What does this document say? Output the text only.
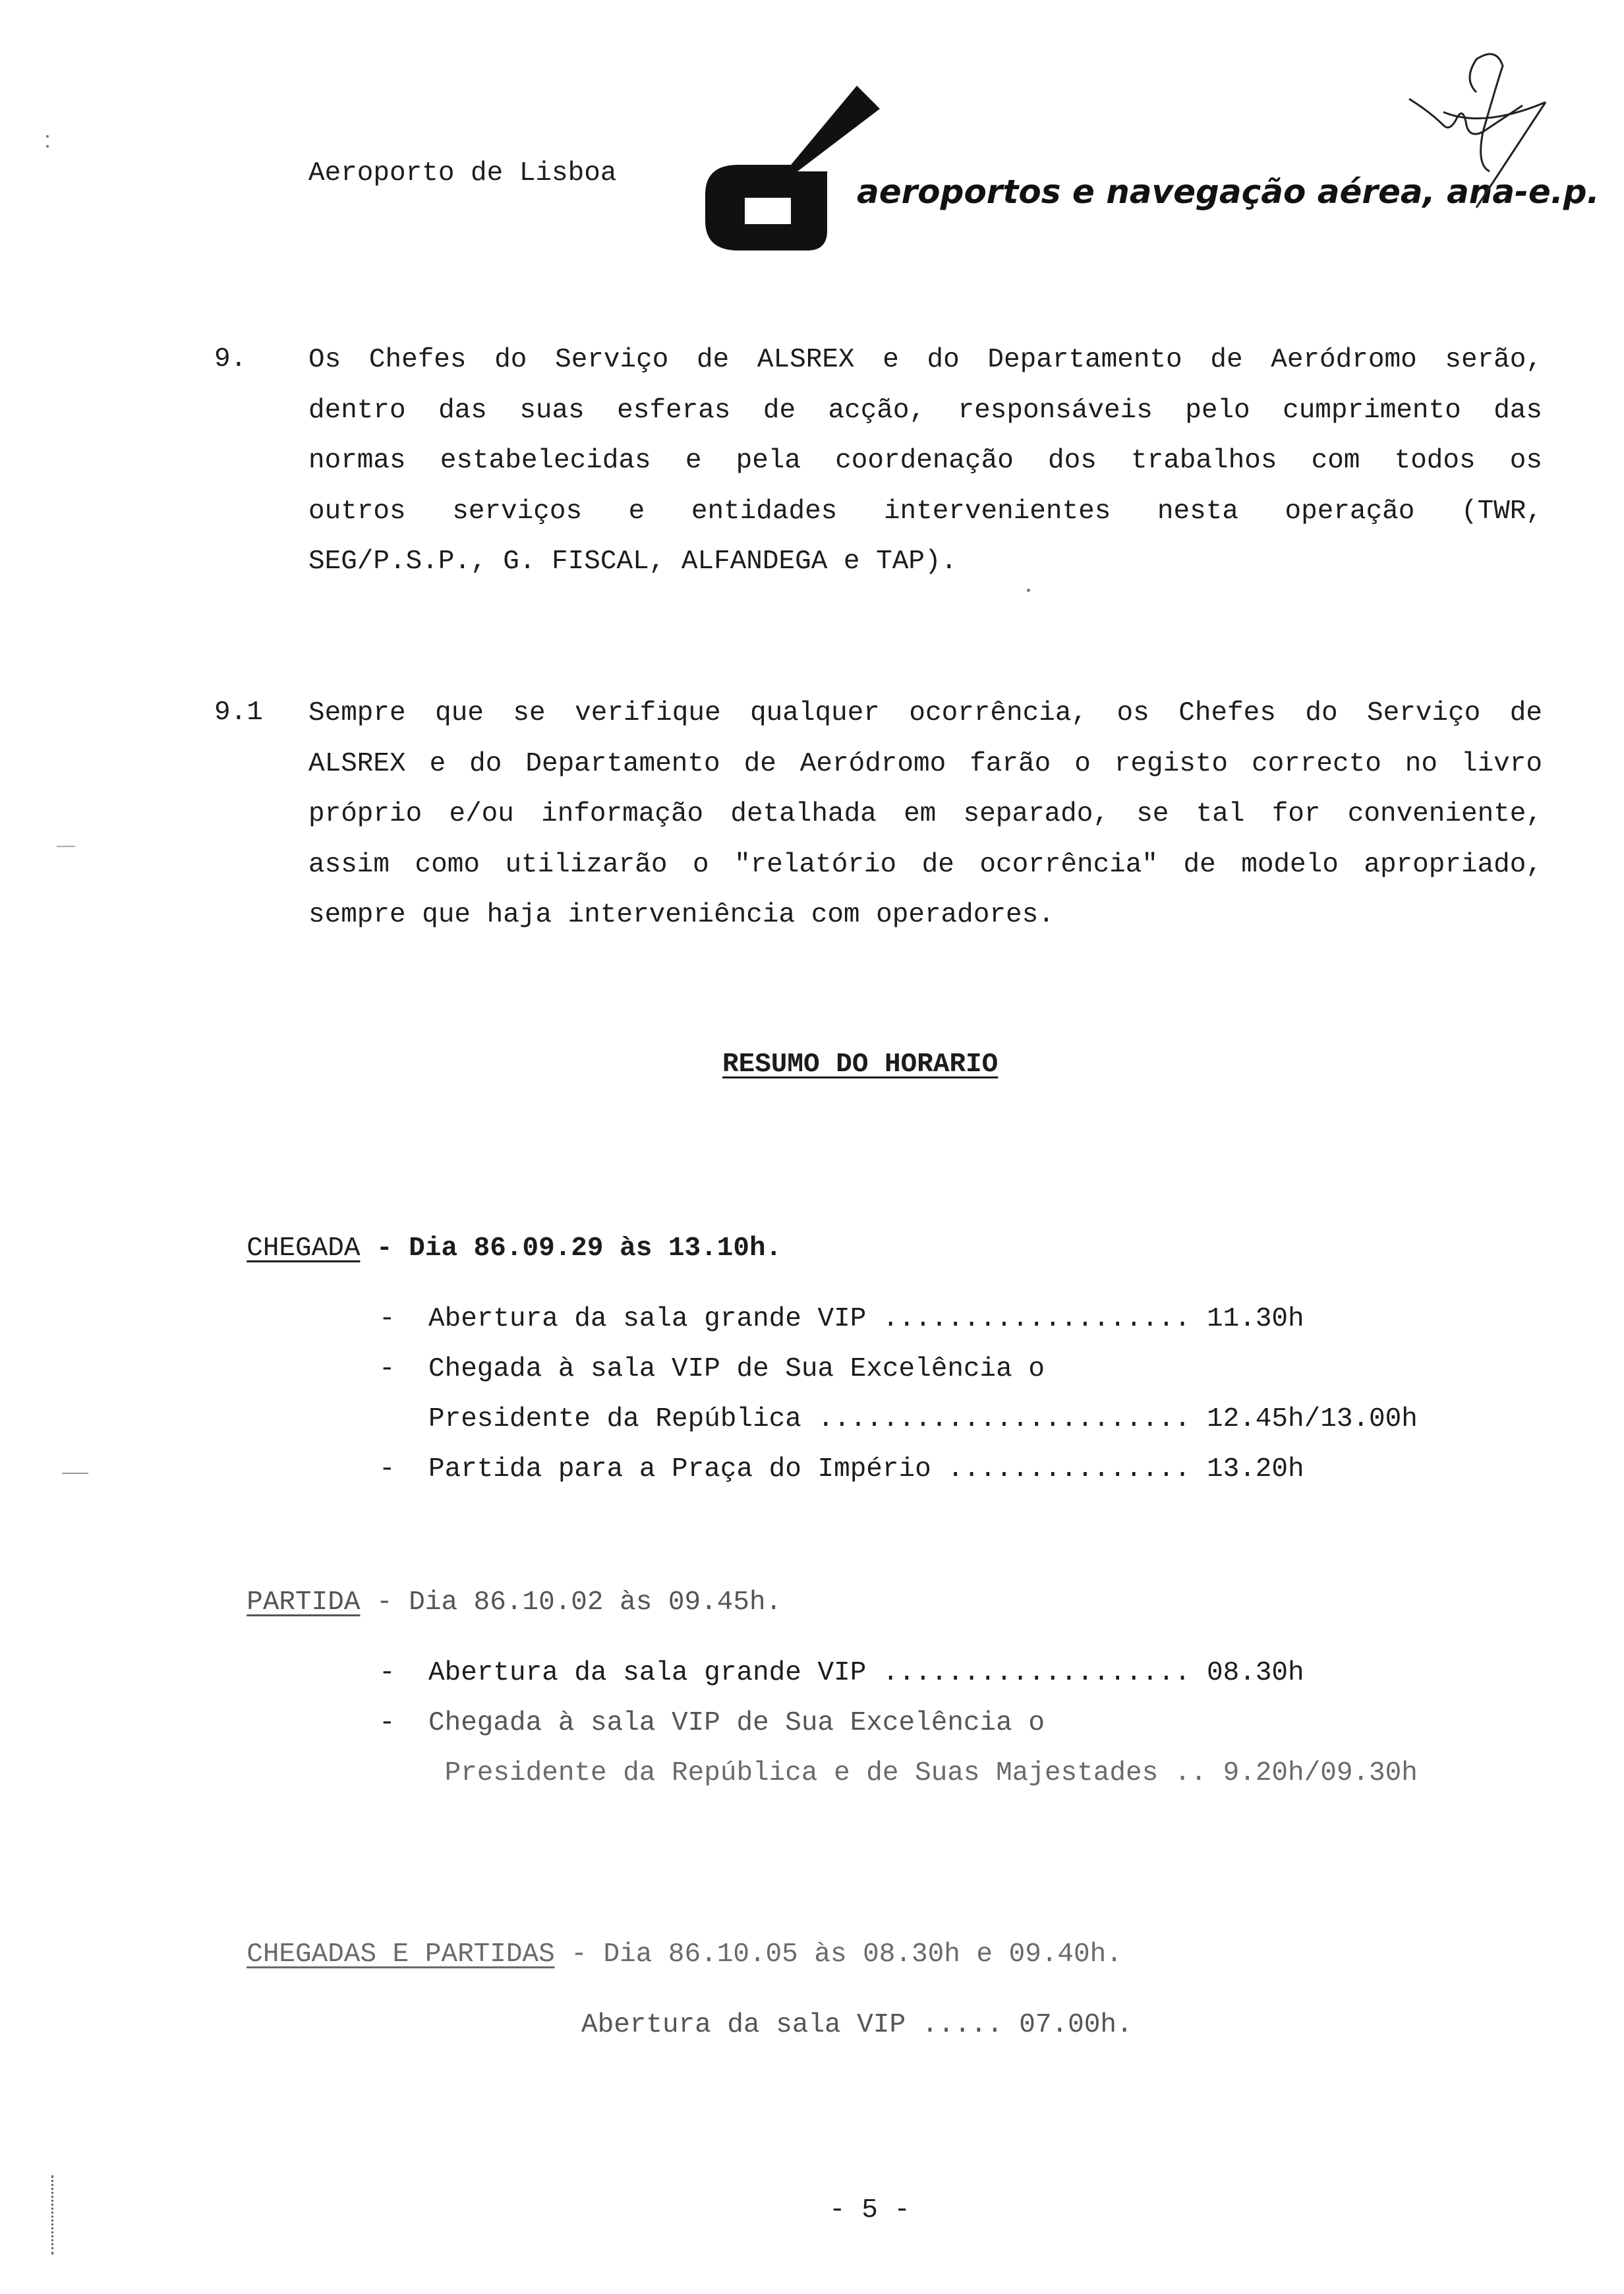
Aeroporto de Lisboa	aeroportos e navegação aérea, ana-e.p.
9. Os Chefes do Serviço de ALSREX e do Departamento de Aeródromo serão,
dentro das suas esferas de acção, responsáveis pelo cumprimento das
normas estabelecidas e pela coordenação dos trabalhos com todos os
outros serviços e entidades intervenientes nesta operação (TWR,
SEG/P.S.P., G. FISCAL, ALFANDEGA e TAP).
9.1 Sempre que se verifique qualquer ocorrência, os Chefes do Serviço de
ALSREX e do Departamento de Aeródromo farão o registo correcto no livro
próprio e/ou informação detalhada em separado, se tal for conveniente,
assim como utilizarão o "relatório de ocorrência" de modelo apropriado,
sempre que haja interveniência com operadores.
RESUMO DO HORARIO

CHEGADA - Dia 86.09.29 às 13.10h.

- Abertura da sala grande VIP ................... 11.30h
- Chegada à sala VIP de Sua Excelência o
Presidente da República ....................... 12.45h/13.00h
- Partida para a Praça do Império ............... 13.20h

PARTIDA - Dia 86.10.02 às 09.45h.

- Abertura da sala grande VIP ................... 08.30h
- Chegada à sala VIP de Sua Excelência o
Presidente da República e de Suas Majestades .. 9.20h/09.30h

CHEGADAS E PARTIDAS - Dia 86.10.05 às 08.30h e 09.40h.

Abertura da sala VIP ..... 07.00h.
- 5 -
